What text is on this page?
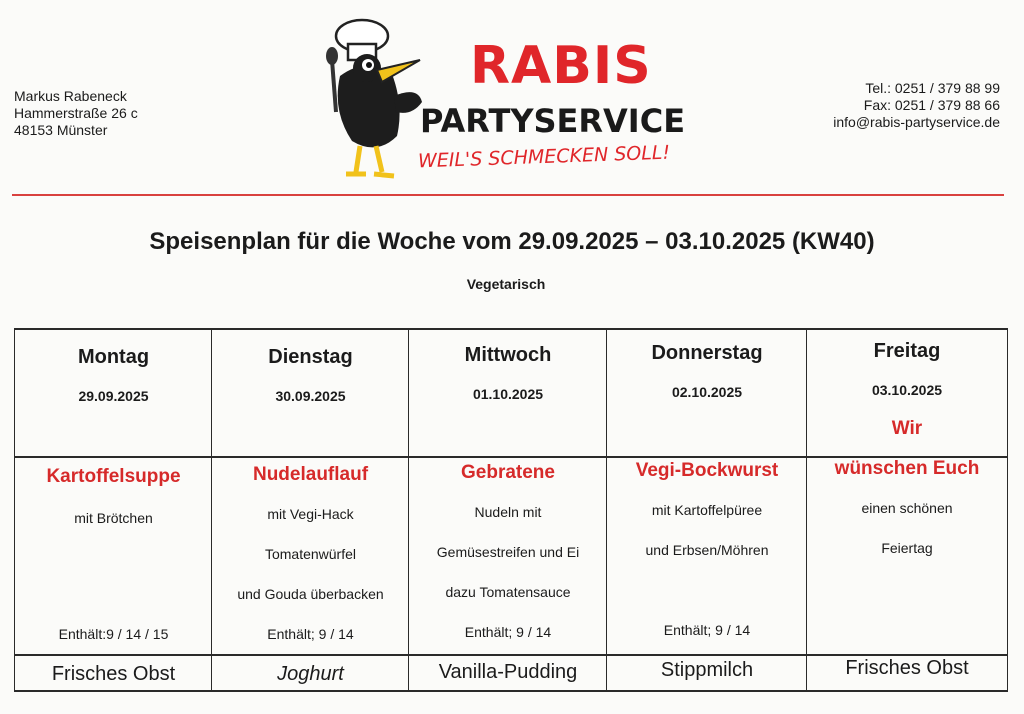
Markus Rabeneck
Hammerstraße 26 c
48153 Münster
RABIS
PARTYSERVICE
WEIL'S SCHMECKEN SOLL!
Tel.: 0251 / 379 88 99
Fax: 0251 / 379 88 66
info@rabis-partyservice.de
Speisenplan für die Woche vom 29.09.2025 – 03.10.2025 (KW40)
Vegetarisch
Montag
29.09.2025
Kartoffelsuppe
mit Brötchen
Enthält:9 / 14 / 15
Frisches Obst
Dienstag
30.09.2025
Nudelauflauf
mit Vegi-Hack
Tomatenwürfel
und Gouda überbacken
Enthält; 9 / 14
Joghurt
Mittwoch
01.10.2025
Gebratene
Nudeln mit
Gemüsestreifen und Ei
dazu Tomatensauce
Enthält; 9 / 14
Vanilla-Pudding
Donnerstag
02.10.2025
Vegi-Bockwurst
mit Kartoffelpüree
und Erbsen/Möhren
Enthält; 9 / 14
Stippmilch
Freitag
03.10.2025
Wir
wünschen Euch
einen schönen
Feiertag
Frisches Obst
